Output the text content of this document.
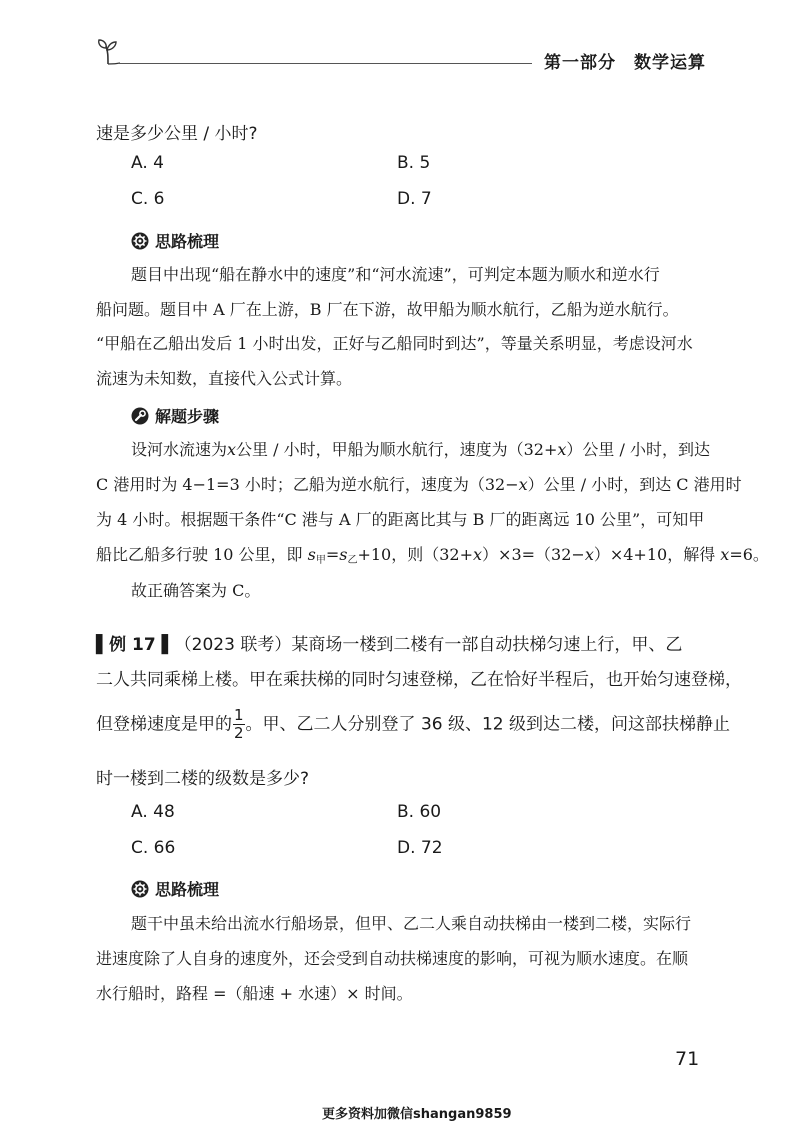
第一部分　数学运算
速是多少公里 / 小时?
A. 4	B. 5
C. 6	D. 7
思路梳理
题目中出现“船在静水中的速度”和“河水流速”，可判定本题为顺水和逆水行
船问题。题目中 A 厂在上游，B 厂在下游，故甲船为顺水航行，乙船为逆水航行。
“甲船在乙船出发后 1 小时出发，正好与乙船同时到达”，等量关系明显，考虑设河水
流速为未知数，直接代入公式计算。
解题步骤
设河水流速为x公里 / 小时，甲船为顺水航行，速度为（32+x）公里 / 小时，到达
C 港用时为 4−1=3 小时；乙船为逆水航行，速度为（32−x）公里 / 小时，到达 C 港用时
为 4 小时。根据题干条件“C 港与 A 厂的距离比其与 B 厂的距离远 10 公里”，可知甲
船比乙船多行驶 10 公里，即 $s_甲=s_乙+10$，则（32+x）×3=（32−x）×4+10，解得 x=6。
故正确答案为 C。
▌例 17 ▌（2023 联考）某商场一楼到二楼有一部自动扶梯匀速上行，甲、乙
二人共同乘梯上楼。甲在乘扶梯的同时匀速登梯，乙在恰好半程后，也开始匀速登梯，
但登梯速度是甲的 $\frac{1}{2}$ 。甲、乙二人分别登了 36 级、12 级到达二楼，问这部扶梯静止
时一楼到二楼的级数是多少?
A. 48	B. 60
C. 66	D. 72
思路梳理
题干中虽未给出流水行船场景，但甲、乙二人乘自动扶梯由一楼到二楼，实际行
进速度除了人自身的速度外，还会受到自动扶梯速度的影响，可视为顺水速度。在顺
水行船时，路程 =（船速 + 水速）× 时间。
71
更多资料加微信shangan9859
